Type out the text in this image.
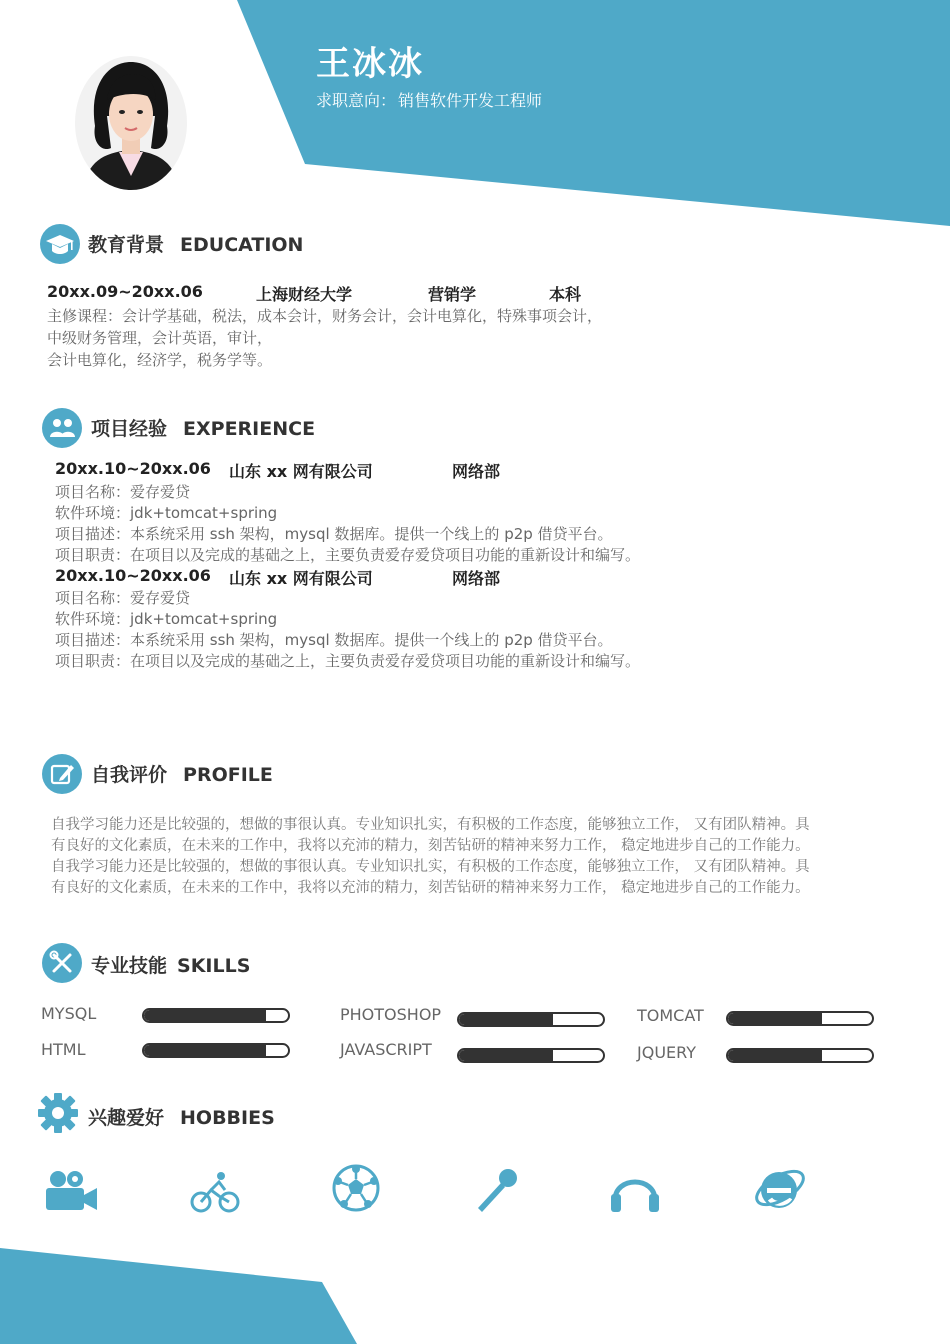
王冰冰
求职意向： 销售软件开发工程师
教育背景 EDUCATION
20xx.09~20xx.06	上海财经大学	营销学	本科
主修课程：会计学基础，税法，成本会计，财务会计，会计电算化，特殊事项会计，
中级财务管理，会计英语，审计，
会计电算化，经济学，税务学等。
项目经验 EXPERIENCE
20xx.10~20xx.06 山东 xx 网有限公司	网络部
项目名称：爱存爱贷
软件环境：jdk+tomcat+spring
项目描述：本系统采用 ssh 架构，mysql 数据库。提供一个线上的 p2p 借贷平台。
项目职责：在项目以及完成的基础之上，主要负责爱存爱贷项目功能的重新设计和编写。
20xx.10~20xx.06 山东 xx 网有限公司	网络部
项目名称：爱存爱贷
软件环境：jdk+tomcat+spring
项目描述：本系统采用 ssh 架构，mysql 数据库。提供一个线上的 p2p 借贷平台。
项目职责：在项目以及完成的基础之上，主要负责爱存爱贷项目功能的重新设计和编写。
自我评价 PROFILE
自我学习能力还是比较强的，想做的事很认真。专业知识扎实，有积极的工作态度，能够独立工作， 又有团队精神。具
有良好的文化素质，在未来的工作中，我将以充沛的精力，刻苦钻研的精神来努力工作， 稳定地进步自己的工作能力。
自我学习能力还是比较强的，想做的事很认真。专业知识扎实，有积极的工作态度，能够独立工作， 又有团队精神。具
有良好的文化素质，在未来的工作中，我将以充沛的精力，刻苦钻研的精神来努力工作， 稳定地进步自己的工作能力。
专业技能 SKILLS
MYSQL	PHOTOSHOP	TOMCAT
HTML	JAVASCRIPT	JQUERY
兴趣爱好 HOBBIES
